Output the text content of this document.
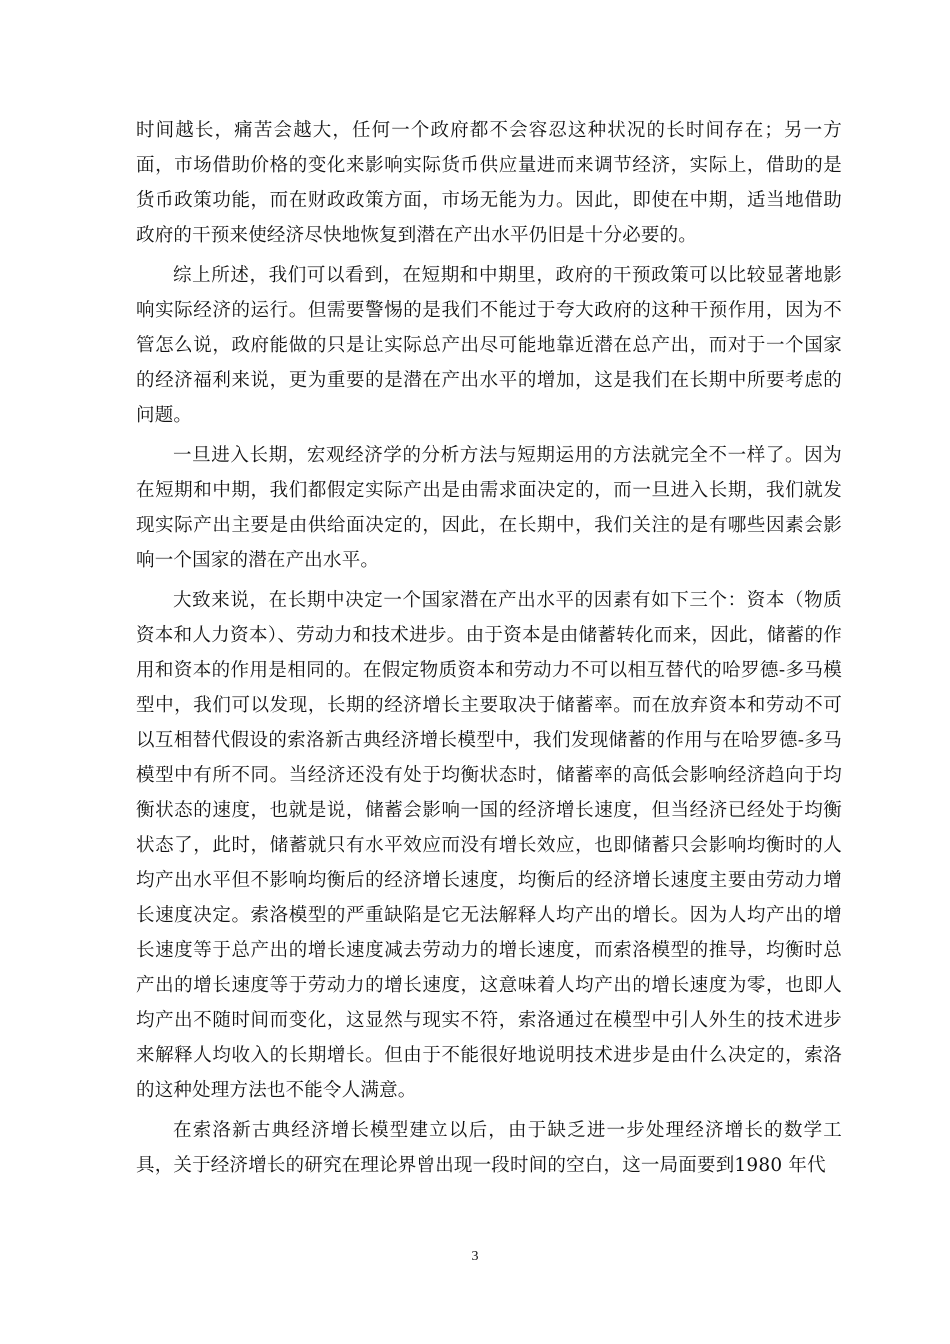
时间越长，痛苦会越大，任何一个政府都不会容忍这种状况的长时间存在；另一方面，市场借助价格的变化来影响实际货币供应量进而来调节经济，实际上，借助的是货币政策功能，而在财政政策方面，市场无能为力。因此，即使在中期，适当地借助政府的干预来使经济尽快地恢复到潜在产出水平仍旧是十分必要的。

综上所述，我们可以看到，在短期和中期里，政府的干预政策可以比较显著地影响实际经济的运行。但需要警惕的是我们不能过于夸大政府的这种干预作用，因为不管怎么说，政府能做的只是让实际总产出尽可能地靠近潜在总产出，而对于一个国家的经济福利来说，更为重要的是潜在产出水平的增加，这是我们在长期中所要考虑的问题。

一旦进入长期，宏观经济学的分析方法与短期运用的方法就完全不一样了。因为在短期和中期，我们都假定实际产出是由需求面决定的，而一旦进入长期，我们就发现实际产出主要是由供给面决定的，因此，在长期中，我们关注的是有哪些因素会影响一个国家的潜在产出水平。

大致来说，在长期中决定一个国家潜在产出水平的因素有如下三个：资本（物质资本和人力资本）、劳动力和技术进步。由于资本是由储蓄转化而来，因此，储蓄的作用和资本的作用是相同的。在假定物质资本和劳动力不可以相互替代的哈罗德-多马模型中，我们可以发现，长期的经济增长主要取决于储蓄率。而在放弃资本和劳动不可以互相替代假设的索洛新古典经济增长模型中，我们发现储蓄的作用与在哈罗德-多马模型中有所不同。当经济还没有处于均衡状态时，储蓄率的高低会影响经济趋向于均衡状态的速度，也就是说，储蓄会影响一国的经济增长速度，但当经济已经处于均衡状态了，此时，储蓄就只有水平效应而没有增长效应，也即储蓄只会影响均衡时的人均产出水平但不影响均衡后的经济增长速度，均衡后的经济增长速度主要由劳动力增长速度决定。索洛模型的严重缺陷是它无法解释人均产出的增长。因为人均产出的增长速度等于总产出的增长速度减去劳动力的增长速度，而索洛模型的推导，均衡时总产出的增长速度等于劳动力的增长速度，这意味着人均产出的增长速度为零，也即人均产出不随时间而变化，这显然与现实不符，索洛通过在模型中引人外生的技术进步来解释人均收入的长期增长。但由于不能很好地说明技术进步是由什么决定的，索洛的这种处理方法也不能令人满意。

在索洛新古典经济增长模型建立以后，由于缺乏进一步处理经济增长的数学工具，关于经济增长的研究在理论界曾出现一段时间的空白，这一局面要到1980 年代

3
